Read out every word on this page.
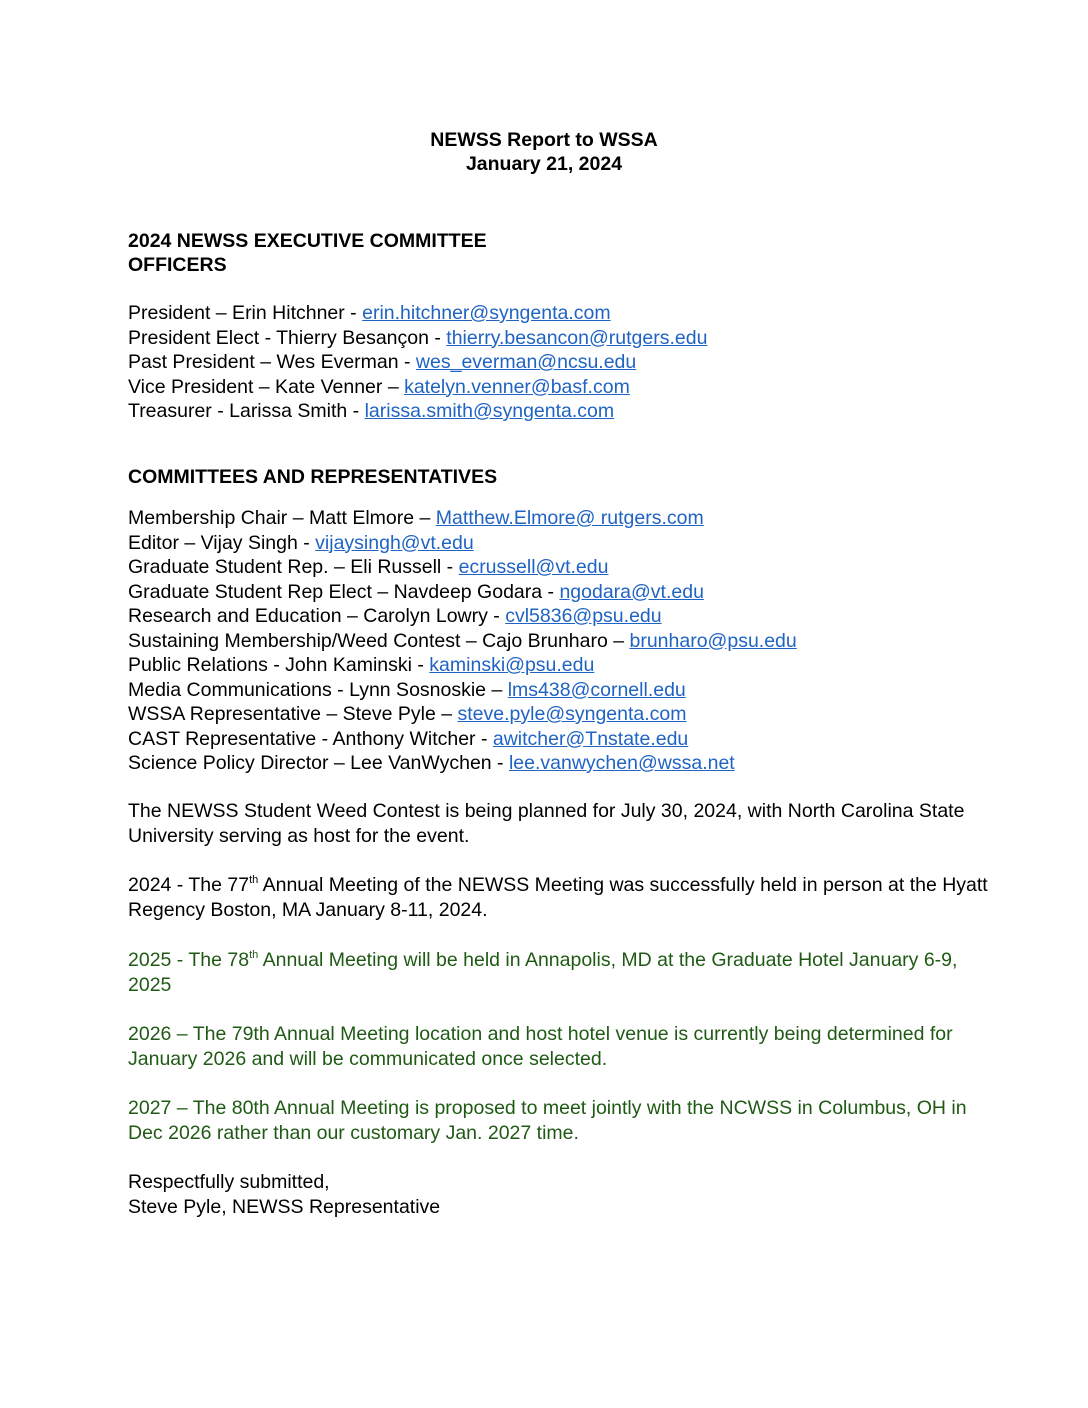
NEWSS Report to WSSA
January 21, 2024
2024 NEWSS EXECUTIVE COMMITTEE
OFFICERS
President – Erin Hitchner - erin.hitchner@syngenta.com
President Elect - Thierry Besançon - thierry.besancon@rutgers.edu
Past President – Wes Everman - wes_everman@ncsu.edu
Vice President – Kate Venner – katelyn.venner@basf.com
Treasurer - Larissa Smith - larissa.smith@syngenta.com
COMMITTEES AND REPRESENTATIVES
Membership Chair – Matt Elmore – Matthew.Elmore@ rutgers.com
Editor – Vijay Singh - vijaysingh@vt.edu
Graduate Student Rep. – Eli Russell - ecrussell@vt.edu
Graduate Student Rep Elect – Navdeep Godara - ngodara@vt.edu
Research and Education – Carolyn Lowry - cvl5836@psu.edu
Sustaining Membership/Weed Contest – Cajo Brunharo – brunharo@psu.edu
Public Relations - John Kaminski - kaminski@psu.edu
Media Communications - Lynn Sosnoskie – lms438@cornell.edu
WSSA Representative – Steve Pyle – steve.pyle@syngenta.com
CAST Representative - Anthony Witcher - awitcher@Tnstate.edu
Science Policy Director – Lee VanWychen - lee.vanwychen@wssa.net

The NEWSS Student Weed Contest is being planned for July 30, 2024, with North Carolina State University serving as host for the event.

2024 - The 77th Annual Meeting of the NEWSS Meeting was successfully held in person at the Hyatt Regency Boston, MA January 8-11, 2024.

2025 - The 78th Annual Meeting will be held in Annapolis, MD at the Graduate Hotel January 6-9, 2025

2026 – The 79th Annual Meeting location and host hotel venue is currently being determined for January 2026 and will be communicated once selected.

2027 – The 80th Annual Meeting is proposed to meet jointly with the NCWSS in Columbus, OH in Dec 2026 rather than our customary Jan. 2027 time.

Respectfully submitted,
Steve Pyle, NEWSS Representative
